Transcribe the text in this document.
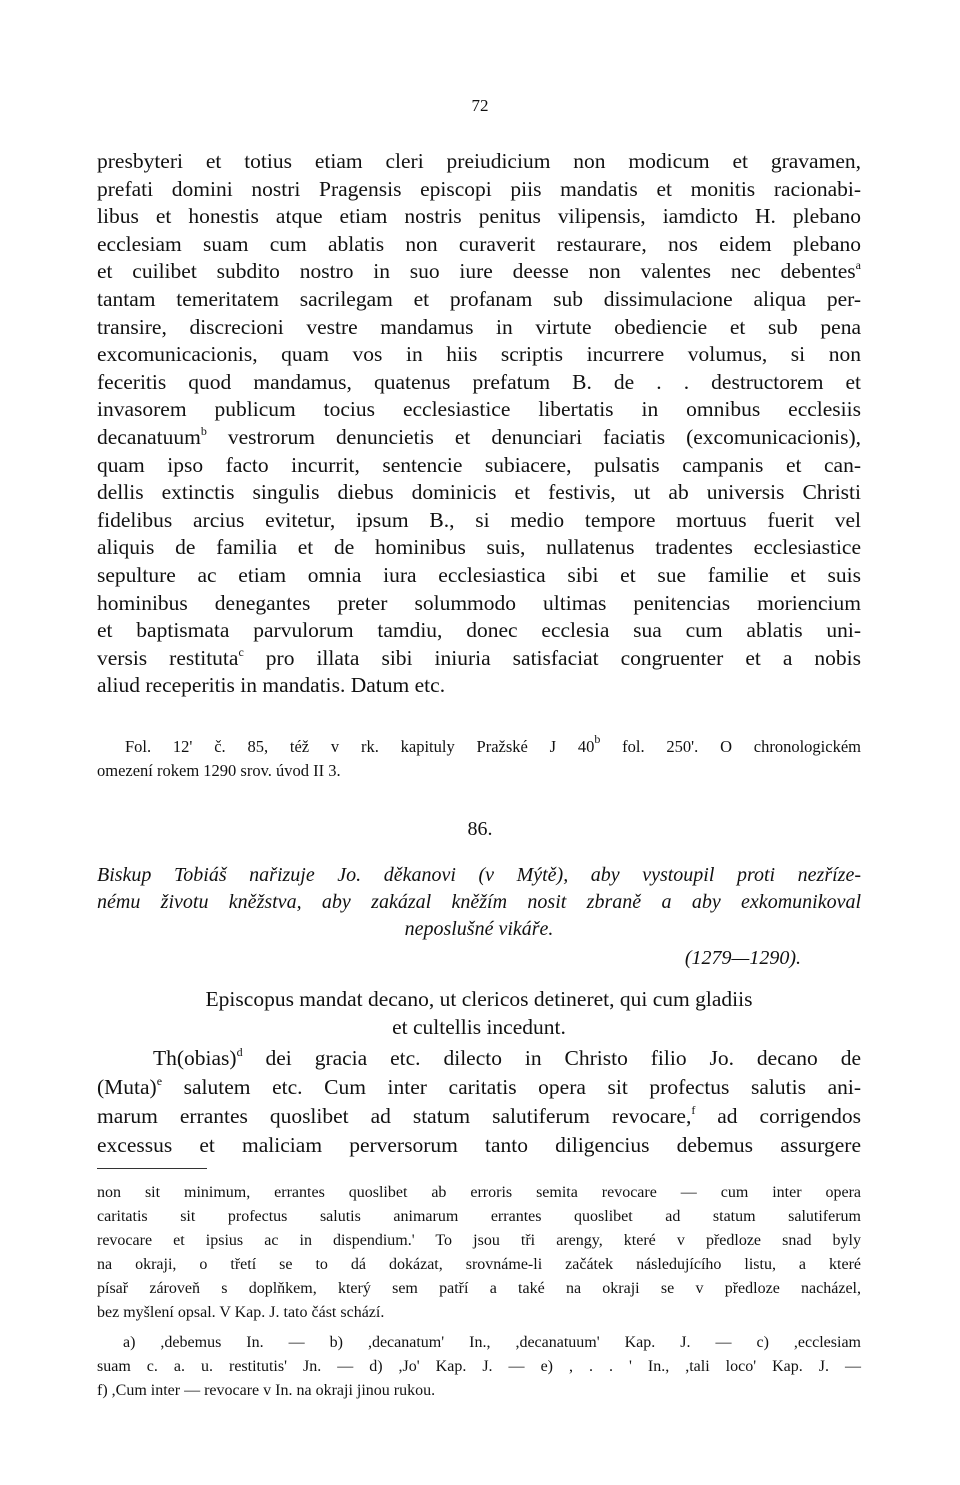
72
presbyteri et totius etiam cleri preiudicium non modicum et gravamen,
prefati domini nostri Pragensis episcopi piis mandatis et monitis racionabi-
libus et honestis atque etiam nostris penitus vilipensis, iamdicto H. plebano
ecclesiam suam cum ablatis non curaverit restaurare, nos eidem plebano
et cuilibet subdito nostro in suo iure deesse non valentes nec debentes$^a$
tantam temeritatem sacrilegam et profanam sub dissimulacione aliqua per-
transire, discrecioni vestre mandamus in virtute obediencie et sub pena
excomunicacionis, quam vos in hiis scriptis incurrere volumus, si non
feceritis quod mandamus, quatenus prefatum B. de . . destructorem et
invasorem publicum tocius ecclesiastice libertatis in omnibus ecclesiis
decanatuum$^b$ vestrorum denuncietis et denunciari faciatis (excomunicacionis),
quam ipso facto incurrit, sentencie subiacere, pulsatis campanis et can-
dellis extinctis singulis diebus dominicis et festivis, ut ab universis Christi
fidelibus arcius evitetur, ipsum B., si medio tempore mortuus fuerit vel
aliquis de familia et de hominibus suis, nullatenus tradentes ecclesiastice
sepulture ac etiam omnia iura ecclesiastica sibi et sue familie et suis
hominibus denegantes preter solummodo ultimas penitencias moriencium
et baptismata parvulorum tamdiu, donec ecclesia sua cum ablatis uni-
versis restituta$^c$ pro illata sibi iniuria satisfaciat congruenter et a nobis
aliud receperitis in mandatis. Datum etc.
Fol. 12' č. 85, též v rk. kapituly Pražské J 40$^b$ fol. 250'. O chronologickém
omezení rokem 1290 srov. úvod II 3.
86.
Biskup Tobiáš nařizuje Jo. děkanovi (v Mýtě), aby vystoupil proti nezříze-
nému životu kněžstva, aby zakázal kněžím nosit zbraně a aby exkomunikoval
neposlušné vikáře.
(1279—1290).
Episcopus mandat decano, ut clericos detineret, qui cum gladiis
et cultellis incedunt.
Th(obias)$^d$ dei gracia etc. dilecto in Christo filio Jo. decano de
(Muta)$^e$ salutem etc. Cum inter caritatis opera sit profectus salutis ani-
marum errantes quoslibet ad statum salutiferum revocare,$^f$ ad corrigendos
excessus et maliciam perversorum tanto diligencius debemus assurgere
non sit minimum, errantes quoslibet ab erroris semita revocare — cum inter opera
caritatis sit profectus salutis animarum errantes quoslibet ad statum salutiferum
revocare et ipsius ac in dispendium.' To jsou tři arengy, které v předloze snad byly
na okraji, o třetí se to dá dokázat, srovnáme-li začátek následujícího listu, a které
písař zároveň s doplňkem, který sem patří a také na okraji se v předloze nacházel,
bez myšlení opsal. V Kap. J. tato část schází.
a) ,debemus In. — b) ,decanatum' In., ,decanatuum' Kap. J. — c) ,ecclesiam
suam c. a. u. restitutis' Jn. — d) ,Jo' Kap. J. — e) , . . ' In., ,tali loco' Kap. J. —
f) ,Cum inter — revocare v In. na okraji jinou rukou.
